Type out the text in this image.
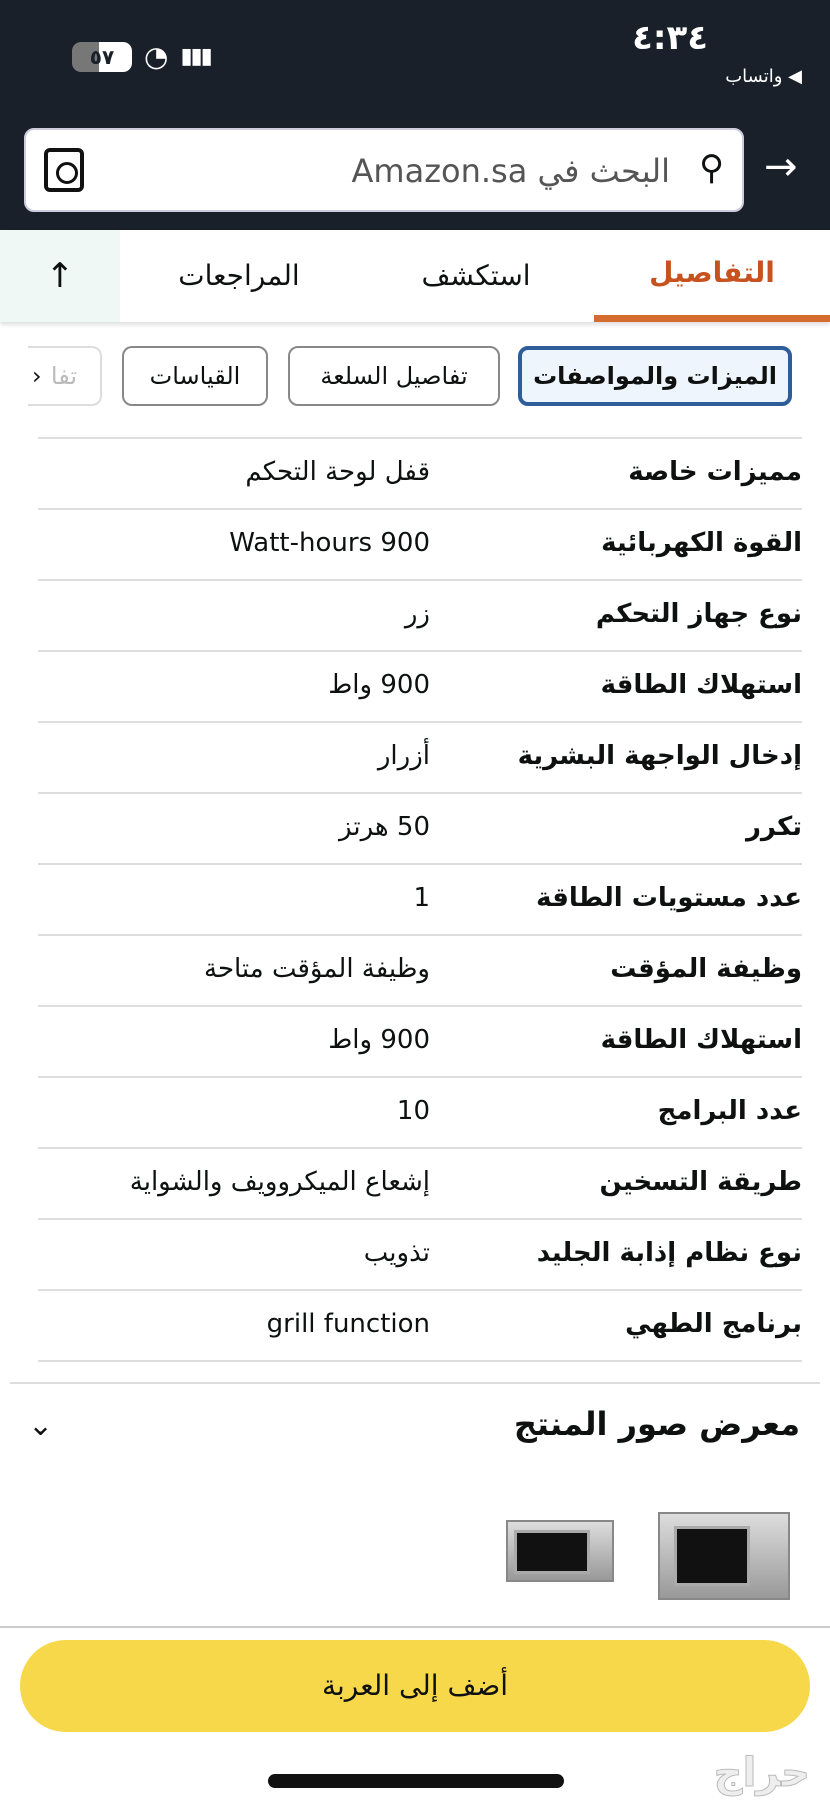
٤:٣٤
◀ واتساب
٥٧	◔ ▮▮▮
⚲
البحث في Amazon.sa →
التفاصيل
استكشف
المراجعات
↑
الميزات والمواصفات
تفاصيل السلعة
القياسات
تفا
‹
مميزات خاصة
قفل لوحة التحكم
القوة الكهربائية
Watt-hours 900
نوع جهاز التحكم
زر
استهلاك الطاقة
900 واط
إدخال الواجهة البشرية
أزرار
تكرر
50 هرتز
عدد مستويات الطاقة
1
وظيفة المؤقت
وظيفة المؤقت متاحة
استهلاك الطاقة
900 واط
عدد البرامج
10
طريقة التسخين
إشعاع الميكروويف والشواية
نوع نظام إذابة الجليد
تذويب
برنامج الطهي
grill function
معرض صور المنتج
⌄
أضف إلى العربة
حراج
